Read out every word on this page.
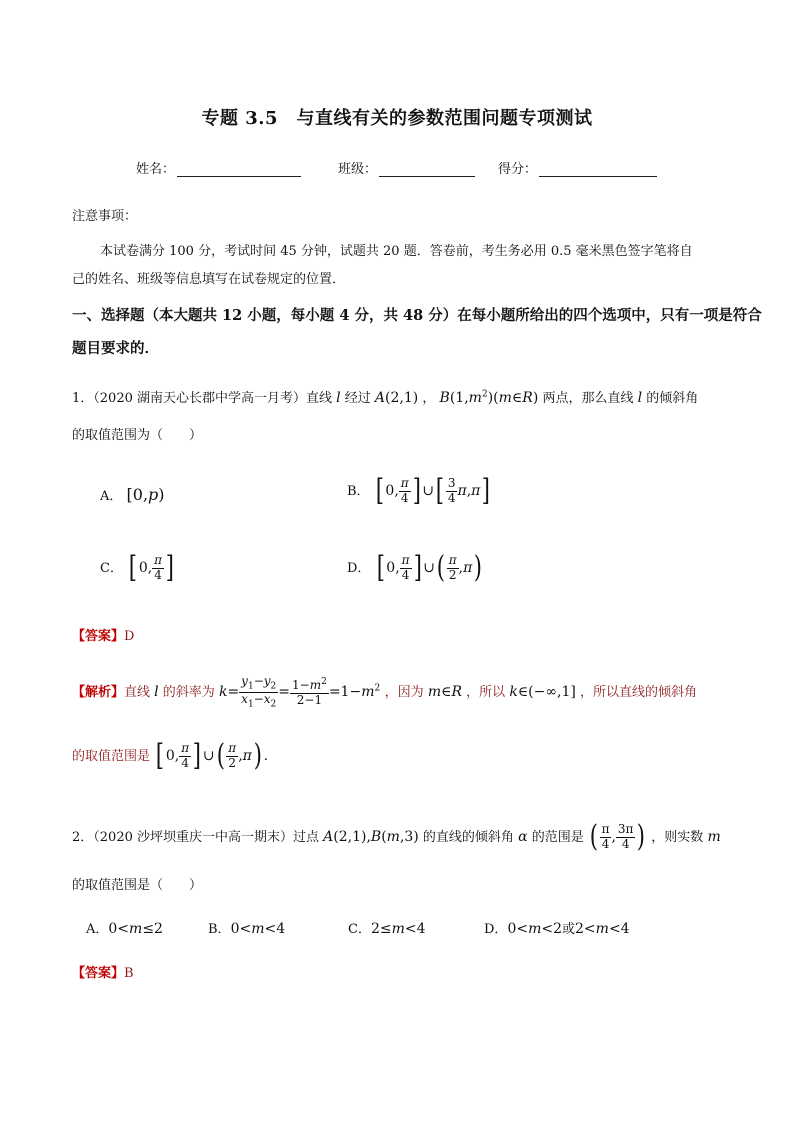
专题 3.5　与直线有关的参数范围问题专项测试
姓名：	班级：	得分：
注意事项：
本试卷满分 100 分，考试时间 45 分钟，试题共 20 题．答卷前，考生务必用 0.5 毫米黑色签字笔将自
己的姓名、班级等信息填写在试卷规定的位置．
一、选择题（本大题共 12 小题，每小题 4 分，共 48 分）在每小题所给出的四个选项中，只有一项是符合
题目要求的．
1．（2020 湖南天心长郡中学高一月考）直线 l 经过 A(2,1) ， $B(1,m^2)(m\in R)$ 两点，那么直线 l 的倾斜角
的取值范围为（　　）
A． [0,p)	B． [ 0, $\frac{\pi}{4}$ ] ∪[ $\frac{3}{4} \pi,\pi$]
C． [ 0, $\frac{\pi}{4}$ ]	D． [ 0, $\frac{\pi}{4}$ ] ∪( $\frac{\pi}{2} ,\pi$)
【答案】D
【解析】直线 l 的斜率为 $k= \frac{y_1-y_2}{x_1-x_2} = \frac{1-m^2}{2-1} =1-m^2$ ，因为 m∈R ，所以 k∈(−∞,1] ，所以直线的倾斜角
的取值范围是 [ 0, $\frac{\pi}{4}$ ] ∪( $\frac{\pi}{2} ,\pi$) .
2．（2020 沙坪坝重庆一中高一期末）过点 A(2,1),B(m,3) 的直线的倾斜角 α 的范围是 ( $\frac{\pi}{4}$ , $\frac{3\pi}{4}$ ) ，则实数 m
的取值范围是（　　）
A．0<m≤2	B．0<m<4	C．2≤m<4	D．0<m<2或2<m<4
【答案】B
